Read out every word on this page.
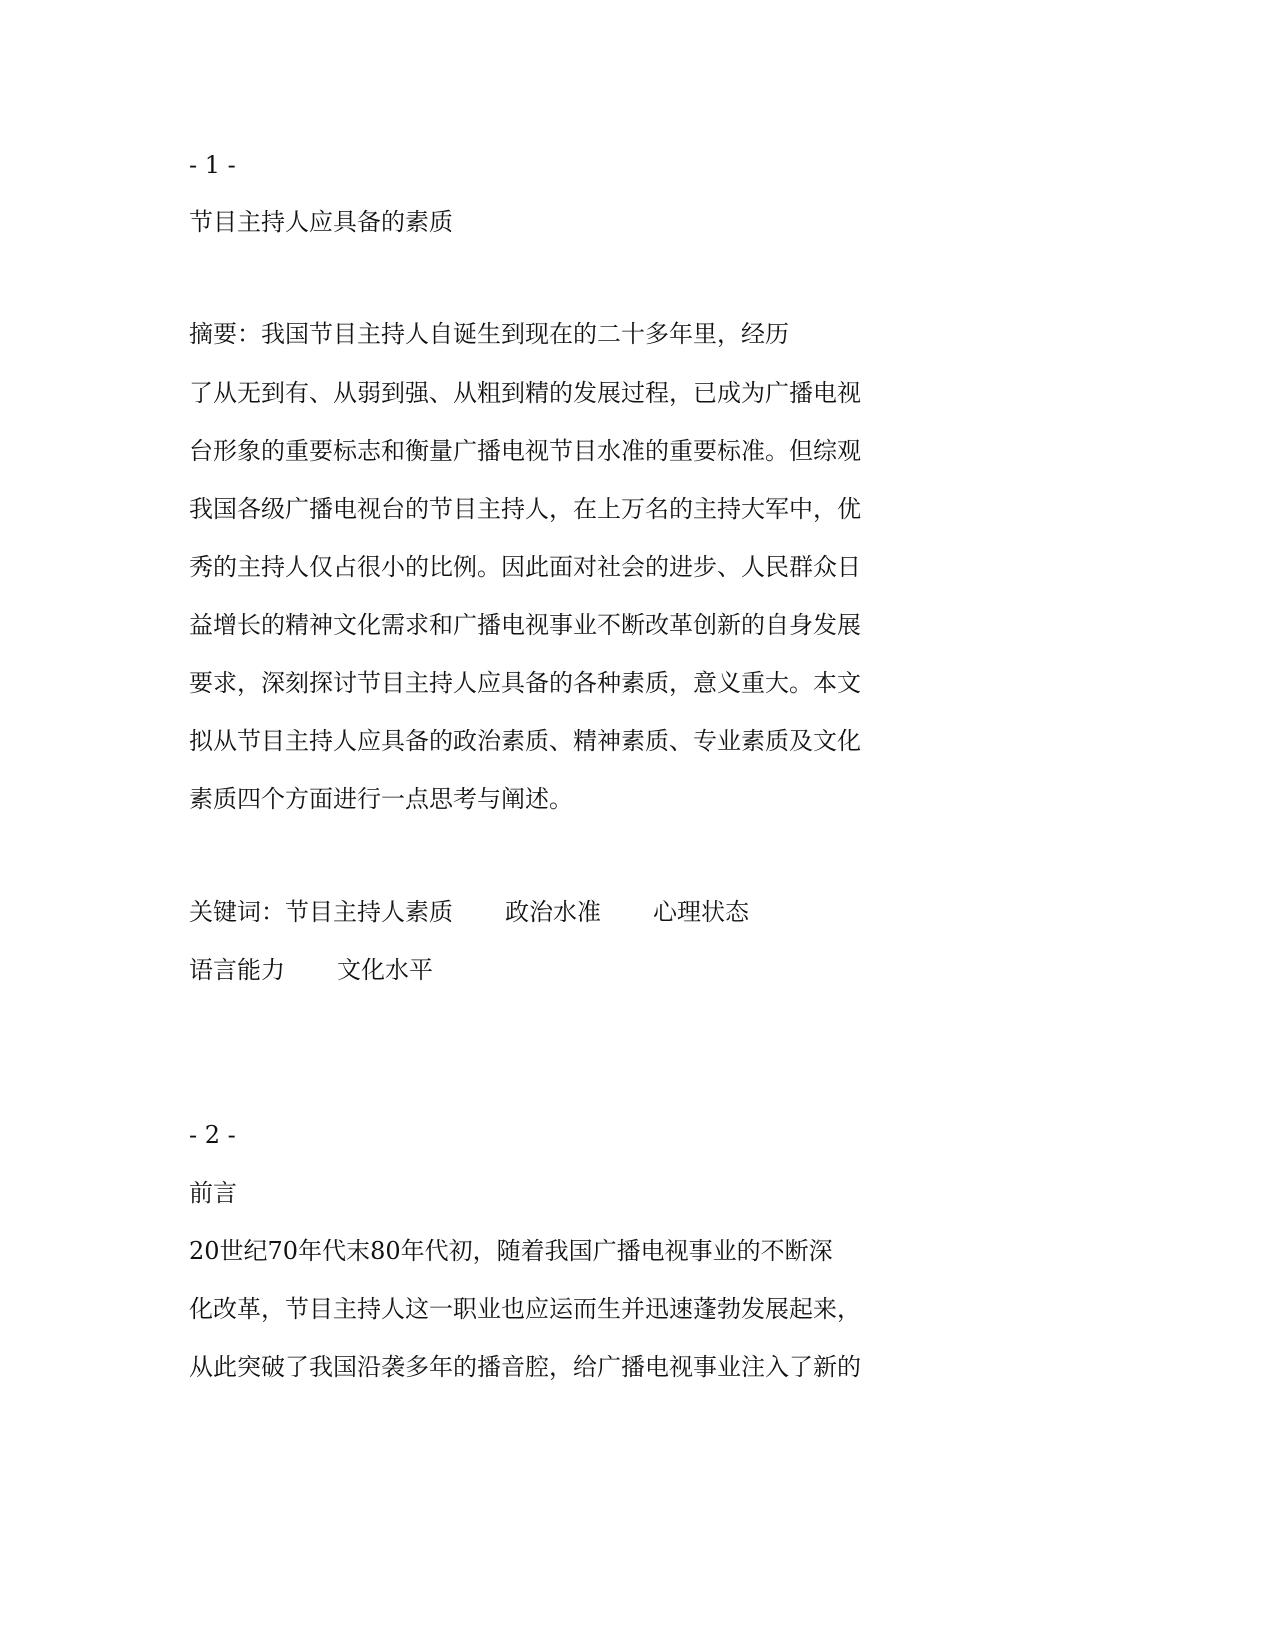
- 1 -

节目主持人应具备的素质

摘要：我国节目主持人自诞生到现在的二十多年里，经历

了从无到有、从弱到强、从粗到精的发展过程，已成为广播电视

台形象的重要标志和衡量广播电视节目水准的重要标准。但综观

我国各级广播电视台的节目主持人，在上万名的主持大军中，优

秀的主持人仅占很小的比例。因此面对社会的进步、人民群众日

益增长的精神文化需求和广播电视事业不断改革创新的自身发展

要求，深刻探讨节目主持人应具备的各种素质，意义重大。本文

拟从节目主持人应具备的政治素质、精神素质、专业素质及文化

素质四个方面进行一点思考与阐述。

关键词：节目主持人素质 政治水准 心理状态

语言能力 文化水平

- 2 -

前言

20世纪70年代末80年代初，随着我国广播电视事业的不断深

化改革，节目主持人这一职业也应运而生并迅速蓬勃发展起来，

从此突破了我国沿袭多年的播音腔，给广播电视事业注入了新的
